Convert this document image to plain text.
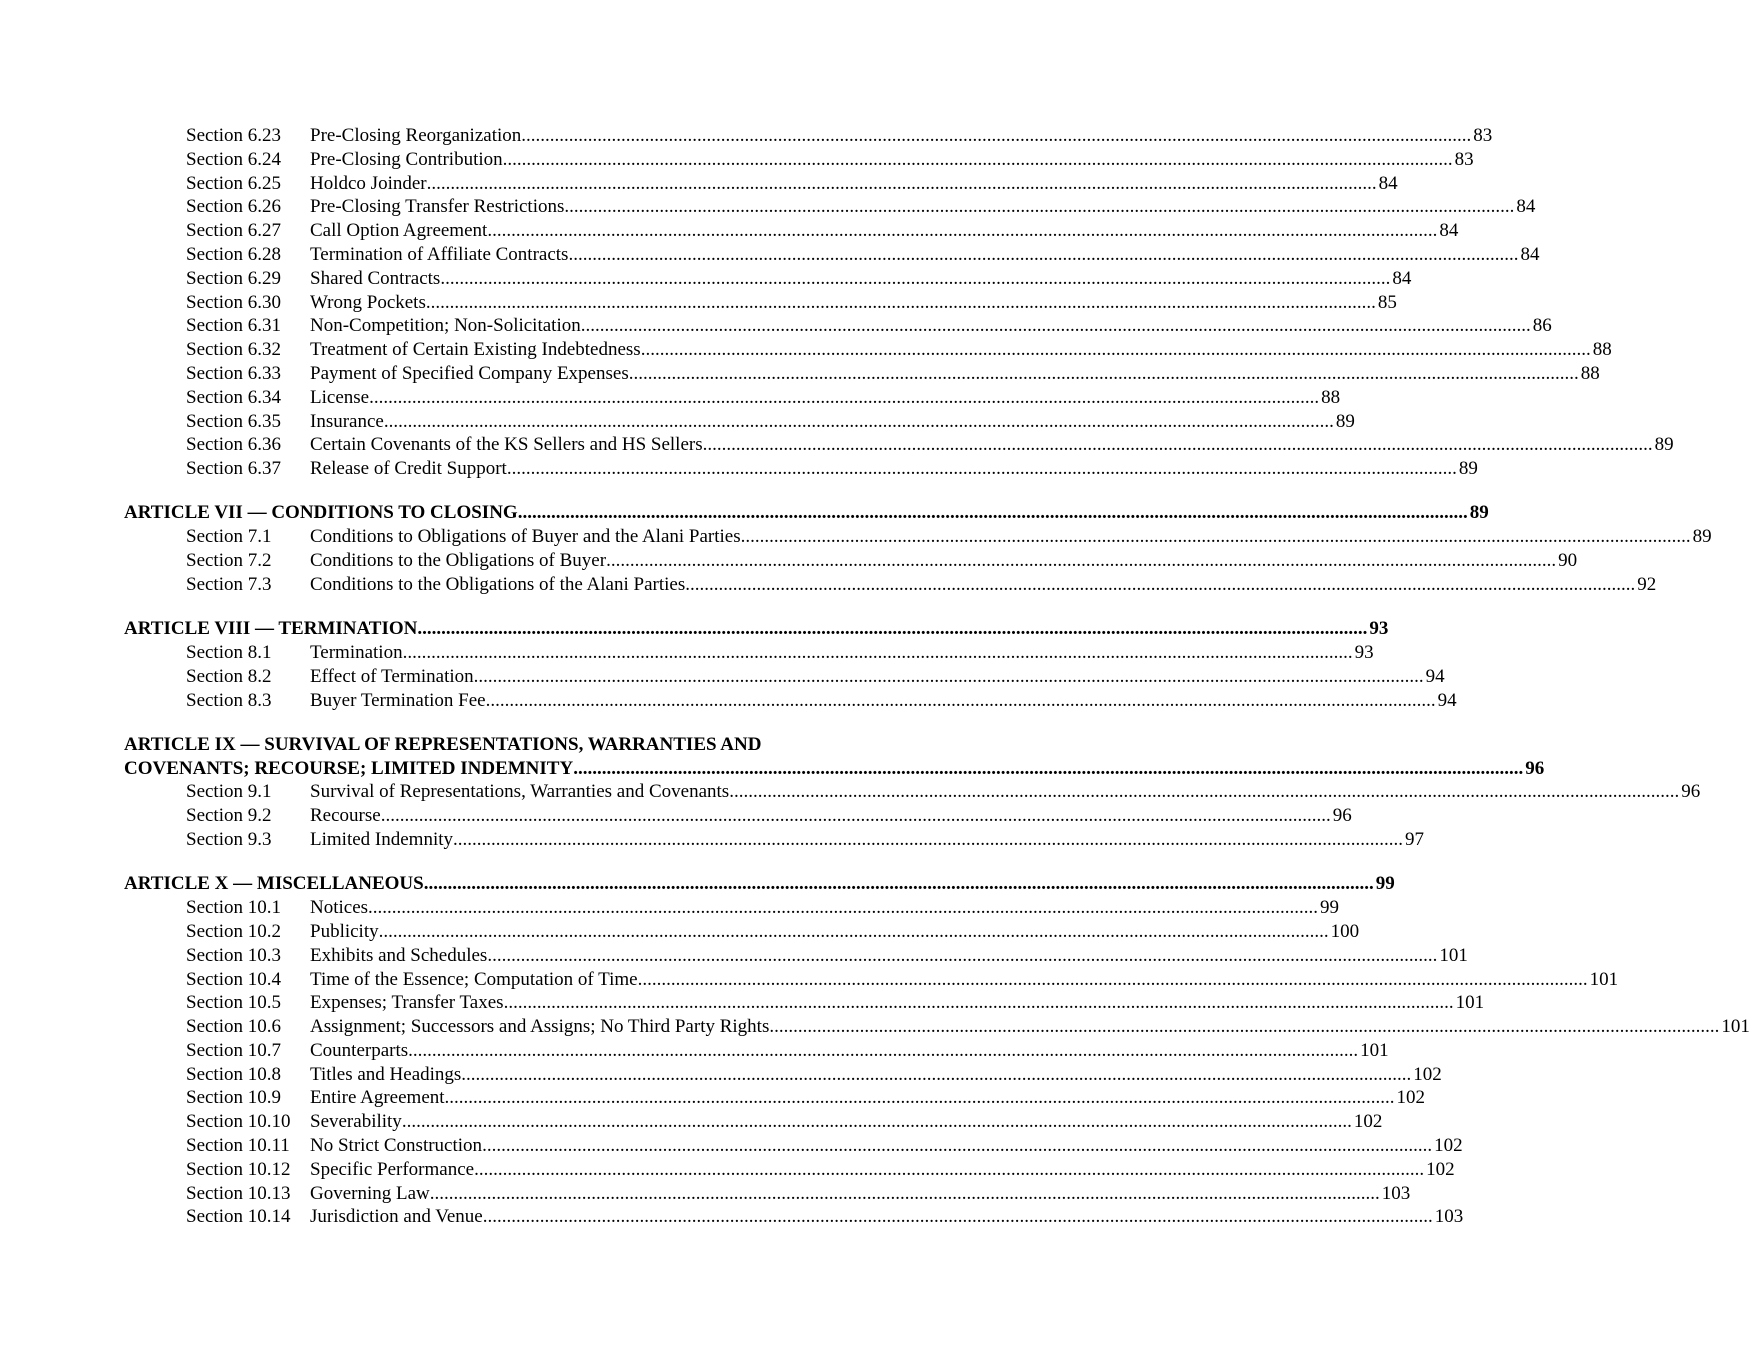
Section 6.23 Pre-Closing Reorganization ........................................................................................................................................................................................................ 83
Section 6.24 Pre-Closing Contribution ........................................................................................................................................................................................................ 83
Section 6.25 Holdco Joinder ........................................................................................................................................................................................................ 84
Section 6.26 Pre-Closing Transfer Restrictions ........................................................................................................................................................................................................ 84
Section 6.27 Call Option Agreement ........................................................................................................................................................................................................ 84
Section 6.28 Termination of Affiliate Contracts ........................................................................................................................................................................................................ 84
Section 6.29 Shared Contracts ........................................................................................................................................................................................................ 84
Section 6.30 Wrong Pockets ........................................................................................................................................................................................................ 85
Section 6.31 Non-Competition; Non-Solicitation ........................................................................................................................................................................................................ 86
Section 6.32 Treatment of Certain Existing Indebtedness ........................................................................................................................................................................................................ 88
Section 6.33 Payment of Specified Company Expenses ........................................................................................................................................................................................................ 88
Section 6.34 License ........................................................................................................................................................................................................ 88
Section 6.35 Insurance ........................................................................................................................................................................................................ 89
Section 6.36 Certain Covenants of the KS Sellers and HS Sellers ........................................................................................................................................................................................................ 89
Section 6.37 Release of Credit Support ........................................................................................................................................................................................................ 89
ARTICLE VII — CONDITIONS TO CLOSING ........................................................................................................................................................................................................ 89
Section 7.1 Conditions to Obligations of Buyer and the Alani Parties ........................................................................................................................................................................................................ 89
Section 7.2 Conditions to the Obligations of Buyer ........................................................................................................................................................................................................ 90
Section 7.3 Conditions to the Obligations of the Alani Parties ........................................................................................................................................................................................................ 92
ARTICLE VIII — TERMINATION ........................................................................................................................................................................................................ 93
Section 8.1 Termination ........................................................................................................................................................................................................ 93
Section 8.2 Effect of Termination ........................................................................................................................................................................................................ 94
Section 8.3 Buyer Termination Fee ........................................................................................................................................................................................................ 94
ARTICLE IX — SURVIVAL OF REPRESENTATIONS, WARRANTIES AND
COVENANTS; RECOURSE; LIMITED INDEMNITY ........................................................................................................................................................................................................ 96
Section 9.1 Survival of Representations, Warranties and Covenants ........................................................................................................................................................................................................ 96
Section 9.2 Recourse ........................................................................................................................................................................................................ 96
Section 9.3 Limited Indemnity ........................................................................................................................................................................................................ 97
ARTICLE X — MISCELLANEOUS ........................................................................................................................................................................................................ 99
Section 10.1 Notices ........................................................................................................................................................................................................ 99
Section 10.2 Publicity ........................................................................................................................................................................................................ 100
Section 10.3 Exhibits and Schedules ........................................................................................................................................................................................................ 101
Section 10.4 Time of the Essence; Computation of Time ........................................................................................................................................................................................................ 101
Section 10.5 Expenses; Transfer Taxes ........................................................................................................................................................................................................ 101
Section 10.6 Assignment; Successors and Assigns; No Third Party Rights ........................................................................................................................................................................................................ 101
Section 10.7 Counterparts ........................................................................................................................................................................................................ 101
Section 10.8 Titles and Headings ........................................................................................................................................................................................................ 102
Section 10.9 Entire Agreement ........................................................................................................................................................................................................ 102
Section 10.10 Severability ........................................................................................................................................................................................................ 102
Section 10.11 No Strict Construction ........................................................................................................................................................................................................ 102
Section 10.12 Specific Performance ........................................................................................................................................................................................................ 102
Section 10.13 Governing Law ........................................................................................................................................................................................................ 103
Section 10.14 Jurisdiction and Venue ........................................................................................................................................................................................................ 103
